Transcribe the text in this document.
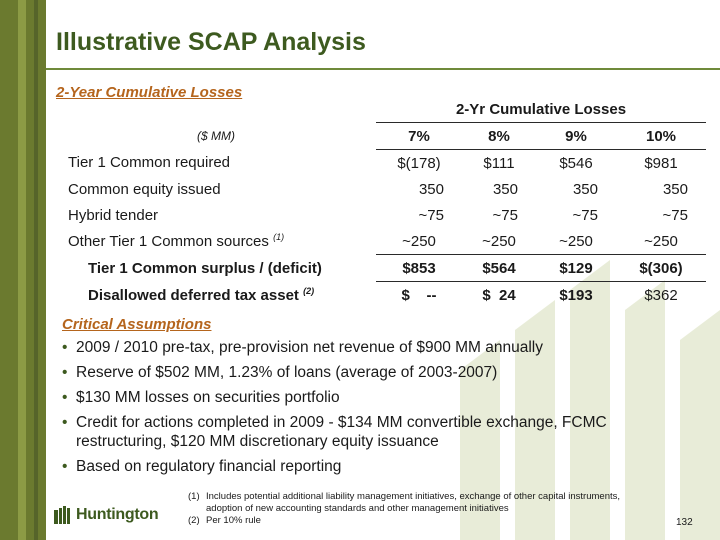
Illustrative SCAP Analysis
2-Year Cumulative Losses
	2-Yr Cumulative Losses			
($ MM)	7%	8%	9%	10%
Tier 1 Common required	$(178)	$111	$546	$981
Common equity issued	350	350	350	350
Hybrid tender	~75	~75	~75	~75
Other Tier 1 Common sources $^{(1)}$	~250	~250	~250	~250
Tier 1 Common surplus / (deficit)	$853	$564	$129	$(306)
Disallowed deferred tax asset $^{(2)}$	$    --	$  24	$193	$362
Critical Assumptions
• 2009 / 2010 pre-tax, pre-provision net revenue of $900 MM annually
• Reserve of $502 MM, 1.23% of loans (average of 2003-2007)
• $130 MM losses on securities portfolio
• Credit for actions completed in 2009 - $134 MM convertible exchange, FCMC restructuring, $120 MM discretionary equity issuance
• Based on regulatory financial reporting
Huntington
(1) Includes potential additional liability management initiatives, exchange of other capital instruments, adoption of new accounting standards and other management initiatives
(2) Per 10% rule	132
